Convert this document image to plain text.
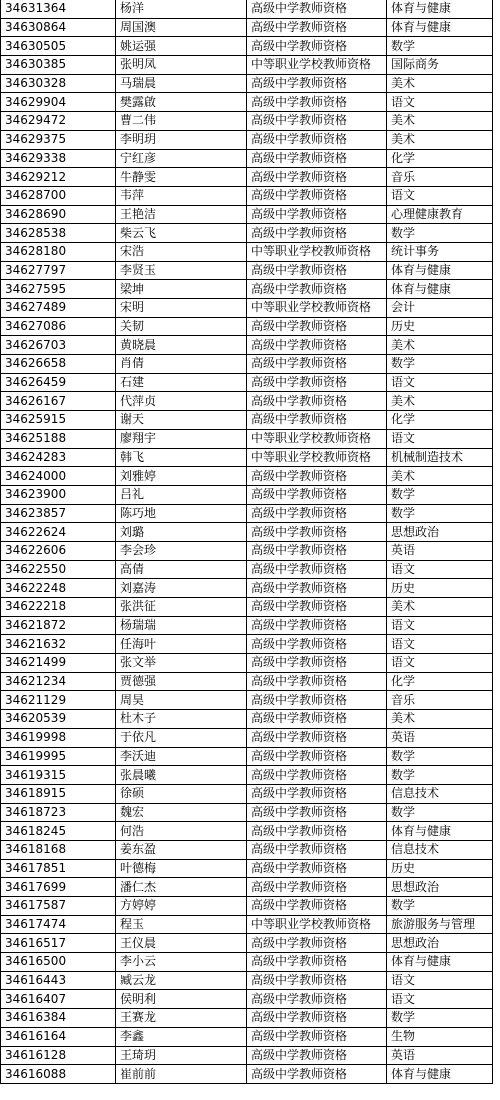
34631364	杨洋	高级中学教师资格	体育与健康
34630864	周国澳	高级中学教师资格	体育与健康
34630505	姚运强	高级中学教师资格	数学
34630385	张明凤	中等职业学校教师资格	国际商务
34630328	马瑞晨	高级中学教师资格	美术
34629904	樊露啟	高级中学教师资格	语文
34629472	曹二伟	高级中学教师资格	美术
34629375	李明玥	高级中学教师资格	美术
34629338	宁红彦	高级中学教师资格	化学
34629212	牛静雯	高级中学教师资格	音乐
34628700	韦萍	高级中学教师资格	语文
34628690	王艳洁	高级中学教师资格	心理健康教育
34628538	柴云飞	高级中学教师资格	数学
34628180	宋浩	中等职业学校教师资格	统计事务
34627797	李贤玉	高级中学教师资格	体育与健康
34627595	梁坤	高级中学教师资格	体育与健康
34627489	宋明	中等职业学校教师资格	会计
34627086	关韧	高级中学教师资格	历史
34626703	黄晓晨	高级中学教师资格	美术
34626658	肖倩	高级中学教师资格	数学
34626459	石建	高级中学教师资格	语文
34626167	代萍贞	高级中学教师资格	美术
34625915	谢天	高级中学教师资格	化学
34625188	廖翔宇	中等职业学校教师资格	语文
34624283	韩飞	中等职业学校教师资格	机械制造技术
34624000	刘雅婷	高级中学教师资格	美术
34623900	吕礼	高级中学教师资格	数学
34623857	陈巧地	高级中学教师资格	数学
34622624	刘璐	高级中学教师资格	思想政治
34622606	李会珍	高级中学教师资格	英语
34622550	高倩	高级中学教师资格	语文
34622248	刘嘉涛	高级中学教师资格	历史
34622218	张洪征	高级中学教师资格	美术
34621872	杨瑞瑞	高级中学教师资格	语文
34621632	任海叶	高级中学教师资格	语文
34621499	张文举	高级中学教师资格	语文
34621234	贾德强	高级中学教师资格	化学
34621129	周昊	高级中学教师资格	音乐
34620539	杜木子	高级中学教师资格	美术
34619998	于依凡	高级中学教师资格	英语
34619995	李沃迪	高级中学教师资格	数学
34619315	张晨曦	高级中学教师资格	数学
34618915	徐硕	高级中学教师资格	信息技术
34618723	魏宏	高级中学教师资格	数学
34618245	何浩	高级中学教师资格	体育与健康
34618168	姜东盈	高级中学教师资格	信息技术
34617851	叶德梅	高级中学教师资格	历史
34617699	潘仁杰	高级中学教师资格	思想政治
34617587	方婷婷	高级中学教师资格	数学
34617474	程玉	中等职业学校教师资格	旅游服务与管理
34616517	王仪晨	高级中学教师资格	思想政治
34616500	李小云	高级中学教师资格	体育与健康
34616443	臧云龙	高级中学教师资格	语文
34616407	侯明利	高级中学教师资格	语文
34616384	王赛龙	高级中学教师资格	数学
34616164	李鑫	高级中学教师资格	生物
34616128	王琦玥	高级中学教师资格	英语
34616088	崔前前	高级中学教师资格	体育与健康
